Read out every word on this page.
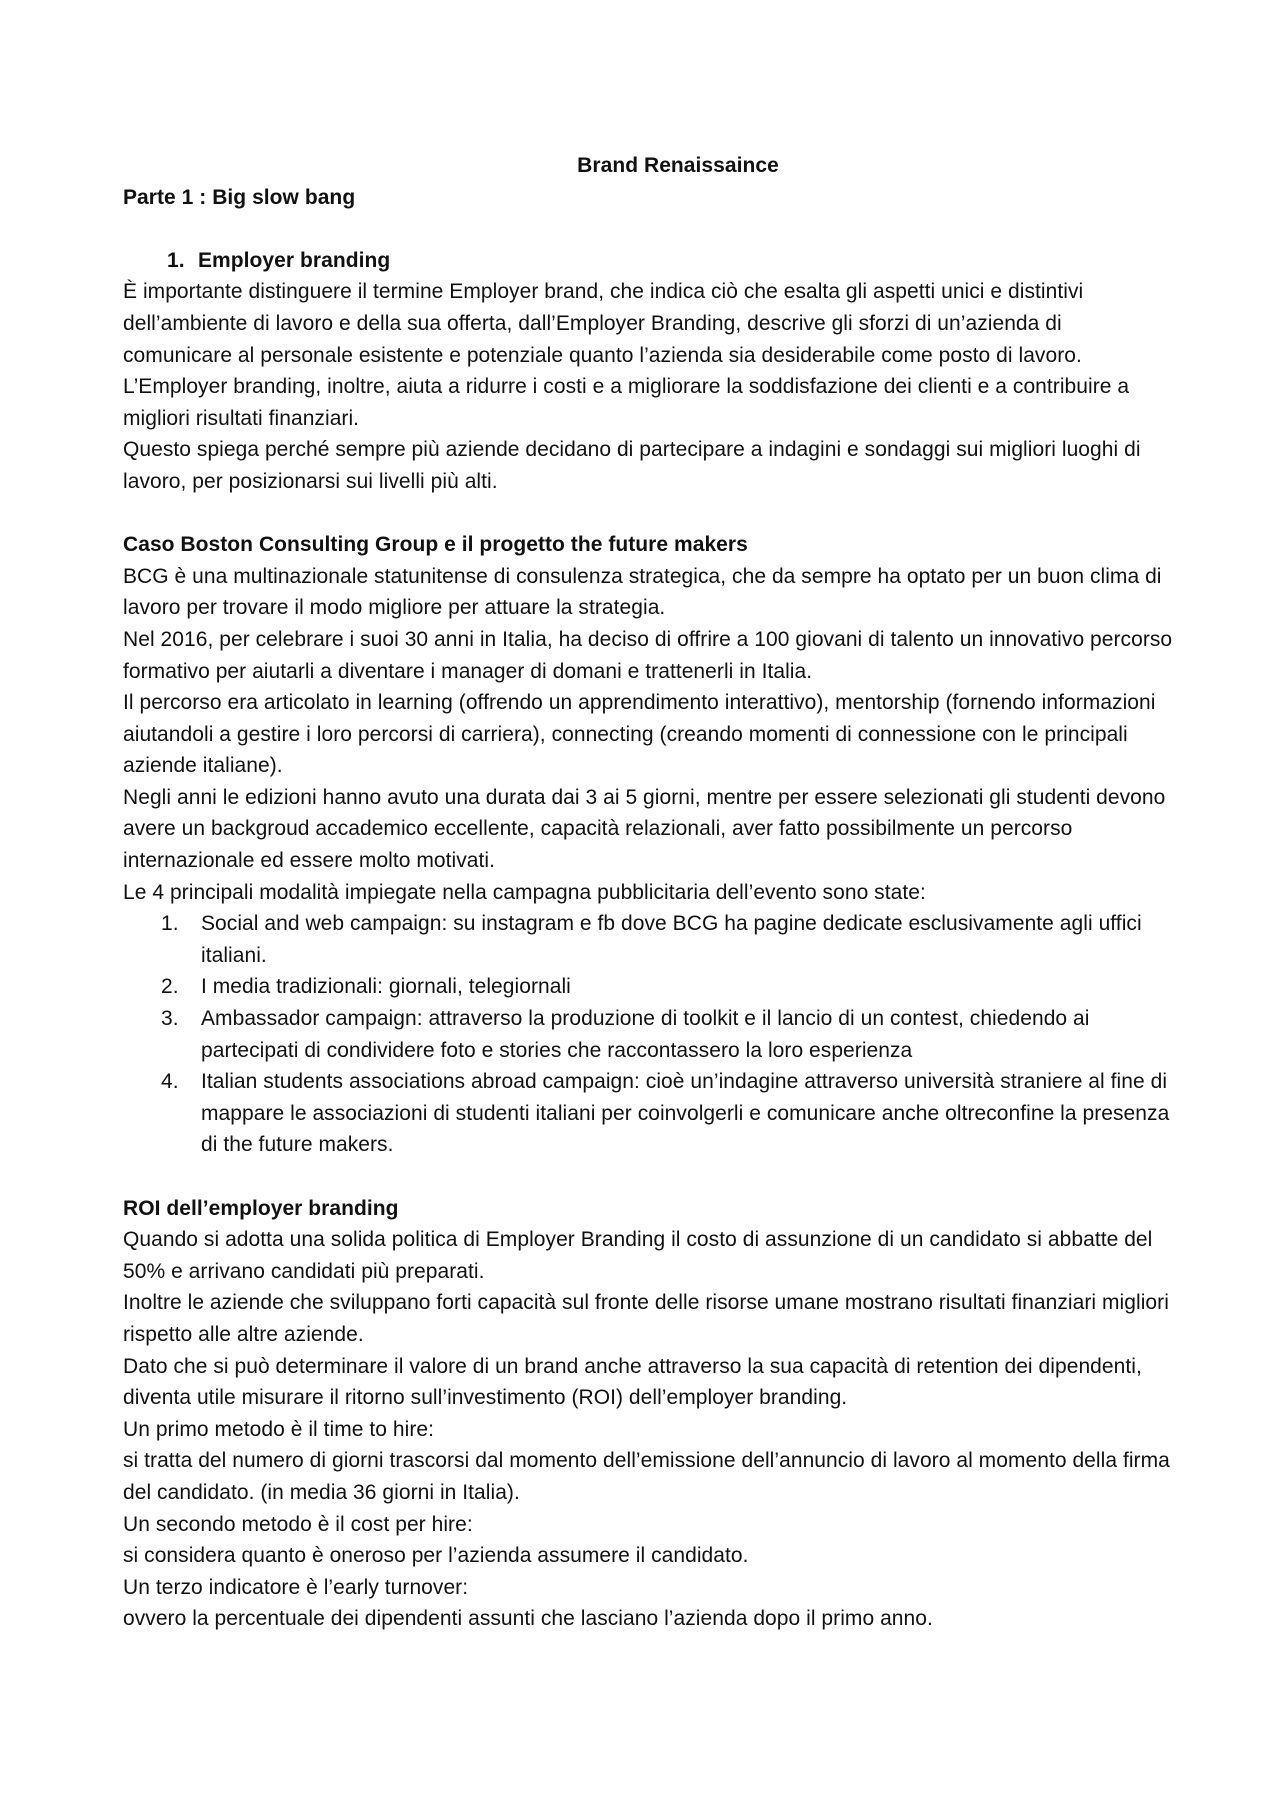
Brand Renaissaince
Parte 1 : Big slow bang
1. Employer branding

È importante distinguere il termine Employer brand, che indica ciò che esalta gli aspetti unici e distintivi dell’ambiente di lavoro e della sua offerta, dall’Employer Branding, descrive gli sforzi di un’azienda di comunicare al personale esistente e potenziale quanto l’azienda sia desiderabile come posto di lavoro.

L’Employer branding, inoltre, aiuta a ridurre i costi e a migliorare la soddisfazione dei clienti e a contribuire a migliori risultati finanziari.

Questo spiega perché sempre più aziende decidano di partecipare a indagini e sondaggi sui migliori luoghi di lavoro, per posizionarsi sui livelli più alti.

Caso Boston Consulting Group e il progetto the future makers

BCG è una multinazionale statunitense di consulenza strategica, che da sempre ha optato per un buon clima di lavoro per trovare il modo migliore per attuare la strategia.

Nel 2016, per celebrare i suoi 30 anni in Italia, ha deciso di offrire a 100 giovani di talento un innovativo percorso formativo per aiutarli a diventare i manager di domani e trattenerli in Italia.

Il percorso era articolato in learning (offrendo un apprendimento interattivo), mentorship (fornendo informazioni aiutandoli a gestire i loro percorsi di carriera), connecting (creando momenti di connessione con le principali aziende italiane).

Negli anni le edizioni hanno avuto una durata dai 3 ai 5 giorni, mentre per essere selezionati gli studenti devono avere un backgroud accademico eccellente, capacità relazionali, aver fatto possibilmente un percorso internazionale ed essere molto motivati.

Le 4 principali modalità impiegate nella campagna pubblicitaria dell’evento sono state:

1. Social and web campaign: su instagram e fb dove BCG ha pagine dedicate esclusivamente agli uffici italiani.
2. I media tradizionali: giornali, telegiornali
3. Ambassador campaign: attraverso la produzione di toolkit e il lancio di un contest, chiedendo ai partecipati di condividere foto e stories che raccontassero la loro esperienza
4. Italian students associations abroad campaign: cioè un’indagine attraverso università straniere al fine di mappare le associazioni di studenti italiani per coinvolgerli e comunicare anche oltreconfine la presenza di the future makers.
ROI dell’employer branding

Quando si adotta una solida politica di Employer Branding il costo di assunzione di un candidato si abbatte del 50% e arrivano candidati più preparati.

Inoltre le aziende che sviluppano forti capacità sul fronte delle risorse umane mostrano risultati finanziari migliori rispetto alle altre aziende.

Dato che si può determinare il valore di un brand anche attraverso la sua capacità di retention dei dipendenti, diventa utile misurare il ritorno sull’investimento (ROI) dell’employer branding.

Un primo metodo è il time to hire:

si tratta del numero di giorni trascorsi dal momento dell’emissione dell’annuncio di lavoro al momento della firma del candidato. (in media 36 giorni in Italia).

Un secondo metodo è il cost per hire:

si considera quanto è oneroso per l’azienda assumere il candidato.

Un terzo indicatore è l’early turnover:

ovvero la percentuale dei dipendenti assunti che lasciano l’azienda dopo il primo anno.
